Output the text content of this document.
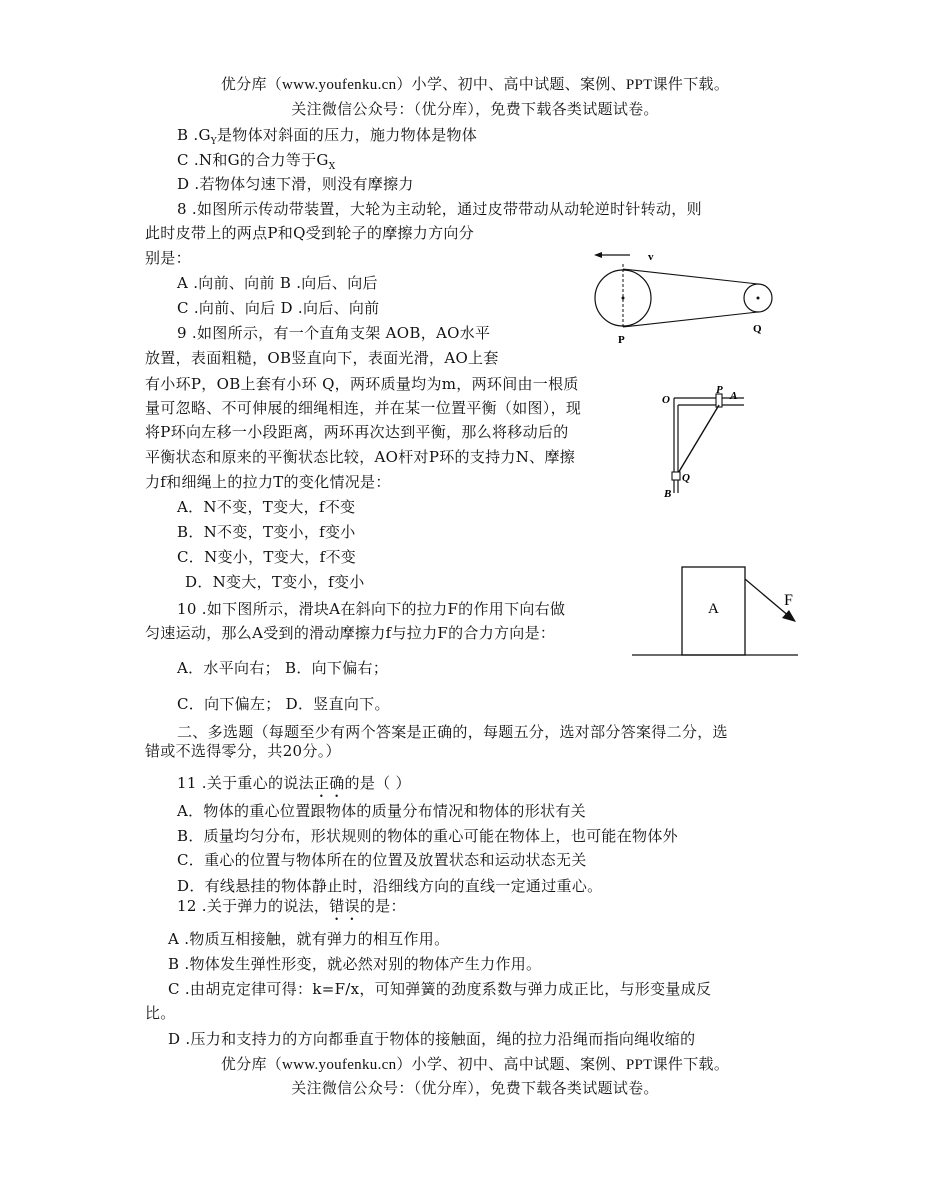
优分库（www.youfenku.cn）小学、初中、高中试题、案例、PPT课件下载。
关注微信公众号：（优分库），免费下载各类试题试卷。
B $.G_Y$是物体对斜面的压力，施力物体是物体
C .N和G的合力等于$G_X$
D .若物体匀速下滑，则没有摩擦力
8 .如图所示传动带装置，大轮为主动轮，通过皮带带动从动轮逆时针转动，则
此时皮带上的两点P和Q受到轮子的摩擦力方向分
别是：
A .向前、向前 B .向后、向后
C .向前、向后 D .向后、向前
v
P
Q
9 .如图所示，有一个直角支架 AOB，AO水平
放置，表面粗糙，OB竖直向下，表面光滑，AO上套
有小环P，OB上套有小环 Q，两环质量均为m，两环间由一根质
量可忽略、不可伸展的细绳相连，并在某一位置平衡（如图），现
将P环向左移一小段距离，两环再次达到平衡，那么将移动后的
平衡状态和原来的平衡状态比较，AO杆对P环的支持力N、摩擦
力f和细绳上的拉力T的变化情况是：
A．N不变，T变大，f不变
B．N不变，T变小，f变小
C．N变小，T变大，f不变
D．N变大，T变小，f变小
O
P A
Q
B
10 .如下图所示，滑块A在斜向下的拉力F的作用下向右做
匀速运动，那么A受到的滑动摩擦力f与拉力F的合力方向是：
A．水平向右； B．向下偏右；
C．向下偏左； D．竖直向下。
A	F
二、多选题（每题至少有两个答案是正确的，每题五分，选对部分答案得二分，选
错或不选得零分，共20分。）
11 .关于重心的说法正确的是（ ）
A．物体的重心位置跟物体的质量分布情况和物体的形状有关
B．质量均匀分布，形状规则的物体的重心可能在物体上，也可能在物体外
C．重心的位置与物体所在的位置及放置状态和运动状态无关
D．有线悬挂的物体静止时，沿细线方向的直线一定通过重心。
12 .关于弹力的说法，错误的是：
A .物质互相接触，就有弹力的相互作用。
B .物体发生弹性形变，就必然对别的物体产生力作用。
C .由胡克定律可得：k=F/x，可知弹簧的劲度系数与弹力成正比，与形变量成反
比。
D .压力和支持力的方向都垂直于物体的接触面，绳的拉力沿绳而指向绳收缩的
优分库（www.youfenku.cn）小学、初中、高中试题、案例、PPT课件下载。
关注微信公众号：（优分库），免费下载各类试题试卷。
